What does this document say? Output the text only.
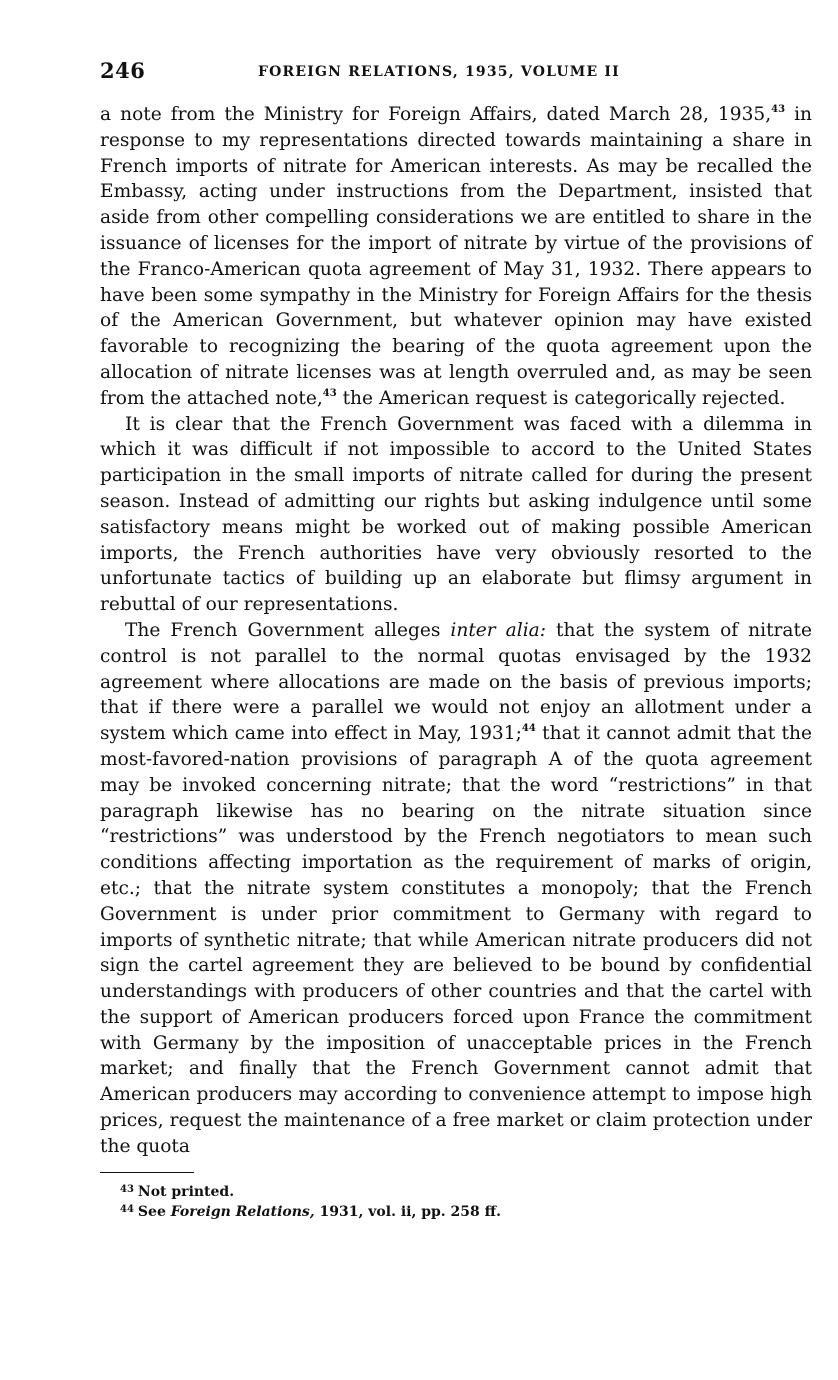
246	FOREIGN RELATIONS, 1935, VOLUME II

a note from the Ministry for Foreign Affairs, dated March 28, 1935,43 in response to my representations directed towards maintaining a share in French imports of nitrate for American interests. As may be recalled the Embassy, acting under instructions from the Department, insisted that aside from other compelling considerations we are entitled to share in the issuance of licenses for the import of nitrate by virtue of the provisions of the Franco-American quota agreement of May 31, 1932. There appears to have been some sympathy in the Ministry for Foreign Affairs for the thesis of the American Government, but whatever opinion may have existed favorable to recognizing the bearing of the quota agreement upon the allocation of nitrate licenses was at length overruled and, as may be seen from the attached note,$^{43}$ the American request is categorically rejected.

It is clear that the French Government was faced with a dilemma in which it was difficult if not impossible to accord to the United States participation in the small imports of nitrate called for during the present season. Instead of admitting our rights but asking indulgence until some satisfactory means might be worked out of making possible American imports, the French authorities have very obviously resorted to the unfortunate tactics of building up an elaborate but flimsy argument in rebuttal of our representations.

The French Government alleges inter alia: that the system of nitrate control is not parallel to the normal quotas envisaged by the 1932 agreement where allocations are made on the basis of previous imports; that if there were a parallel we would not enjoy an allotment under a system which came into effect in May, 1931;$^{44}$ that it cannot admit that the most-favored-nation provisions of paragraph A of the quota agreement may be invoked concerning nitrate; that the word “restrictions” in that paragraph likewise has no bearing on the nitrate situation since “restrictions” was understood by the French negotiators to mean such conditions affecting importation as the requirement of marks of origin, etc.; that the nitrate system constitutes a monopoly; that the French Government is under prior commitment to Germany with regard to imports of synthetic nitrate; that while American nitrate producers did not sign the cartel agreement they are believed to be bound by confidential understandings with producers of other countries and that the cartel with the support of American producers forced upon France the commitment with Germany by the imposition of unacceptable prices in the French market; and finally that the French Government cannot admit that American producers may according to convenience attempt to impose high prices, request the maintenance of a free market or claim protection under the quota

$^{43}$ Not printed.
$^{44}$ See Foreign Relations, 1931, vol. ii, pp. 258 ff.
